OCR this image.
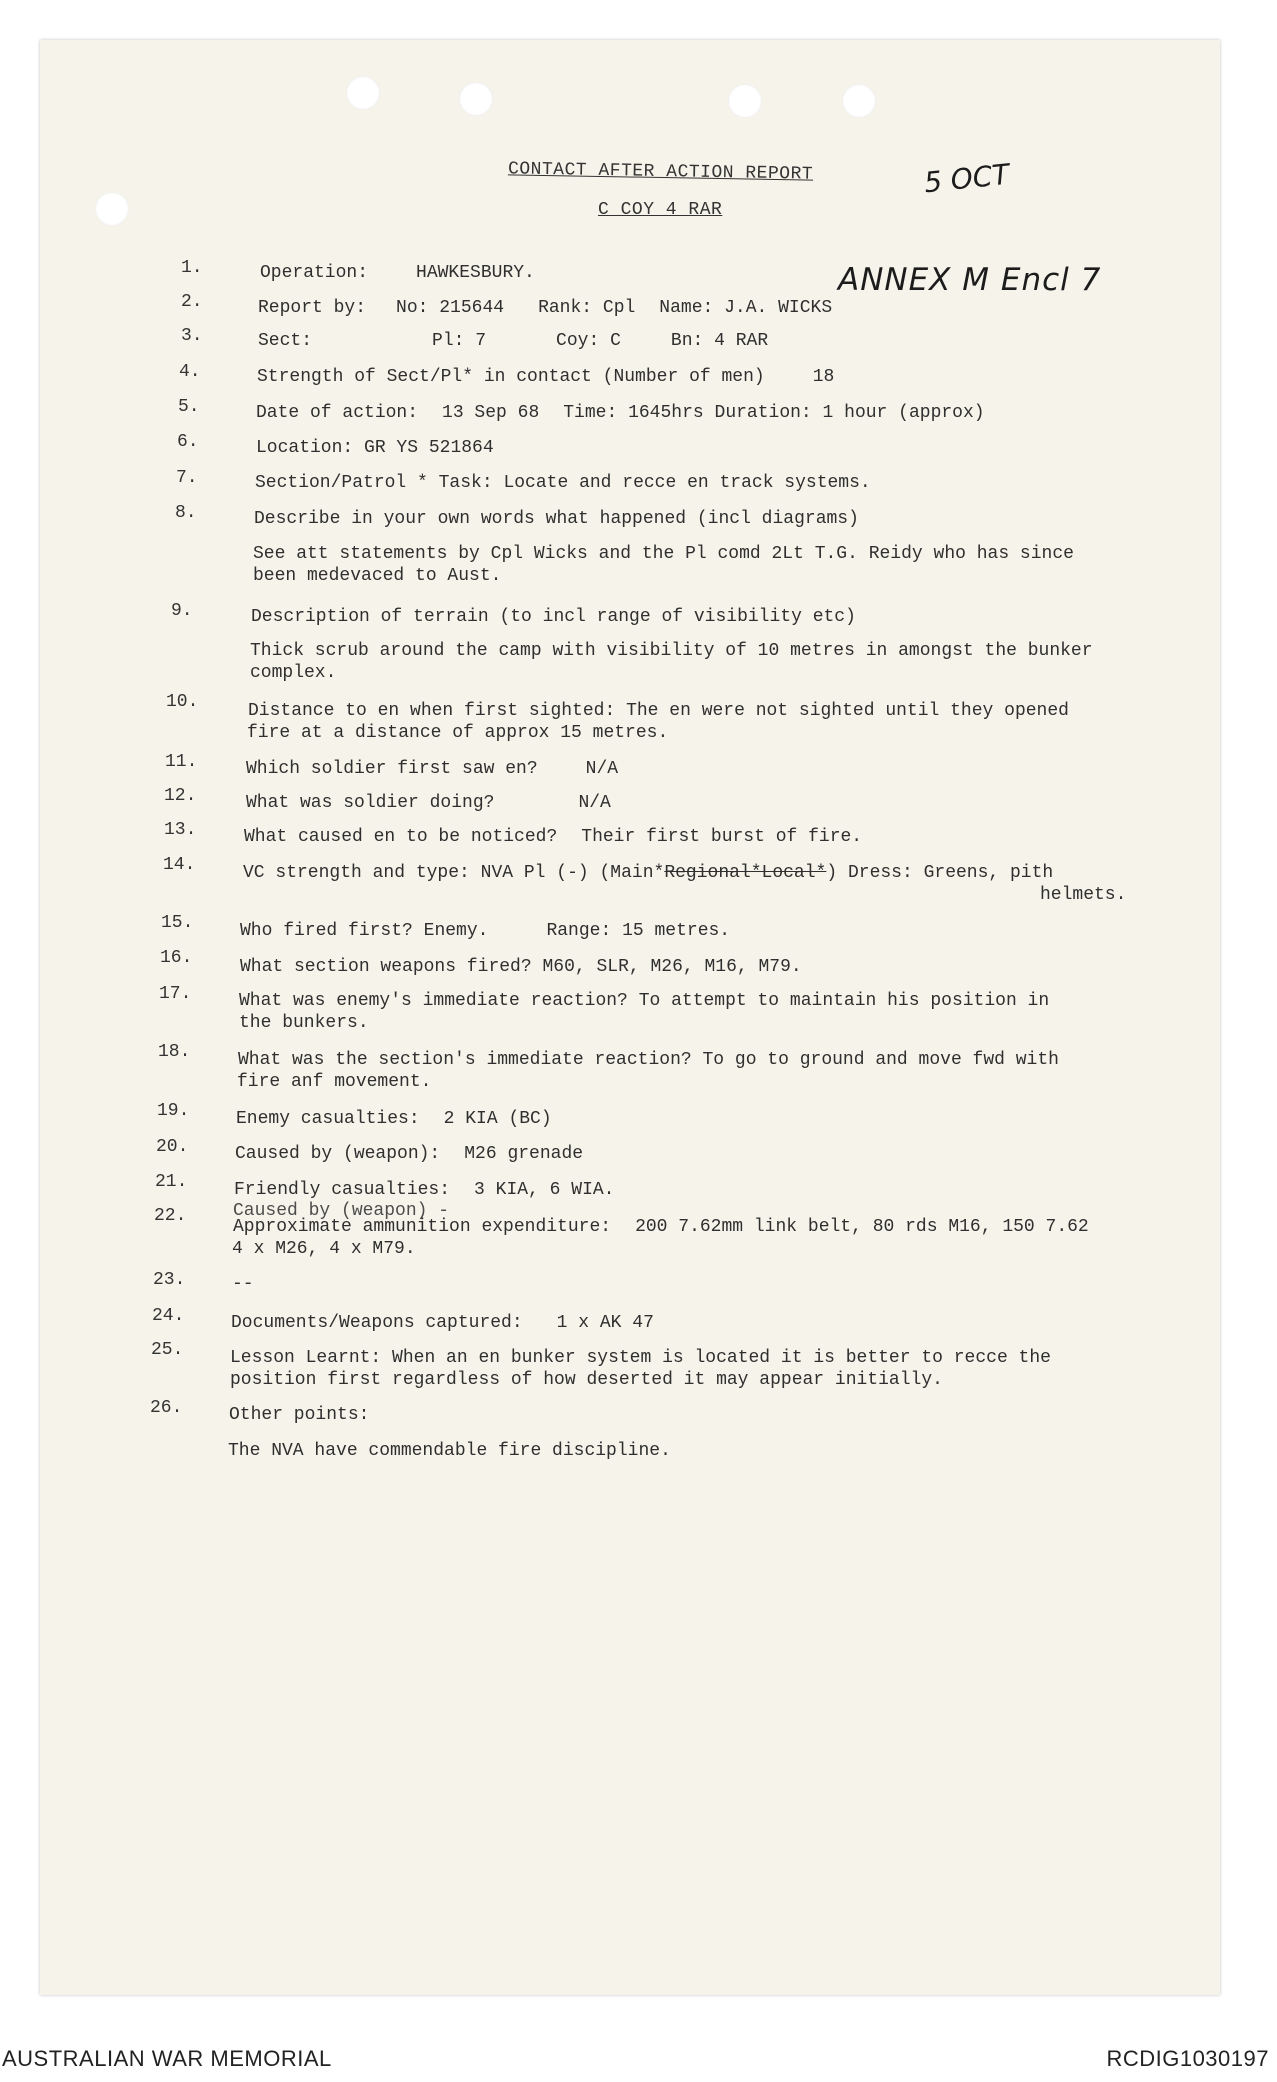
CONTACT AFTER ACTION REPORT
C COY 4 RAR
5 OCT
ANNEX M Encl 7
1.	Operation:	HAWKESBURY.
2.	Report by: No: 215644 Rank: Cpl Name: J.A. WICKS
3.	Sect:	Pl: 7	Coy: C	Bn: 4 RAR
4.	Strength of Sect/Pl* in contact (Number of men)	18
5.	Date of action: 13 Sep 68 Time: 1645hrs Duration: 1 hour (approx)
6.	Location: GR YS 521864
7.	Section/Patrol * Task: Locate and recce en track systems.
8.	Describe in your own words what happened (incl diagrams)
See att statements by Cpl Wicks and the Pl comd 2Lt T.G. Reidy who has since
been medevaced to Aust.
9.	Description of terrain (to incl range of visibility etc)
Thick scrub around the camp with visibility of 10 metres in amongst the bunker
complex.
10.	Distance to en when first sighted: The en were not sighted until they opened
fire at a distance of approx 15 metres.
11.	Which soldier first saw en?	N/A
12.	What was soldier doing?	N/A
13.	What caused en to be noticed? Their first burst of fire.
14.	VC strength and type: NVA Pl (-) (Main*Regional*Local*) Dress: Greens, pith
helmets.
15.	Who fired first? Enemy.	Range: 15 metres.
16.	What section weapons fired? M60, SLR, M26, M16, M79.
17.	What was enemy's immediate reaction? To attempt to maintain his position in
the bunkers.
18.	What was the section's immediate reaction? To go to ground and move fwd with
fire anf movement.
19.	Enemy casualties: 2 KIA (BC)
20.	Caused by (weapon): M26 grenade
21.	Friendly casualties: 3 KIA, 6 WIA.
22.	Caused by (weapon) -
Approximate ammunition expenditure: 200 7.62mm link belt, 80 rds M16, 150 7.62
4 x M26, 4 x M79.
23.	--
24.	Documents/Weapons captured: 1 x AK 47
25.	Lesson Learnt: When an en bunker system is located it is better to recce the
position first regardless of how deserted it may appear initially.
26.	Other points:
The NVA have commendable fire discipline.
AUSTRALIAN WAR MEMORIAL	RCDIG1030197
